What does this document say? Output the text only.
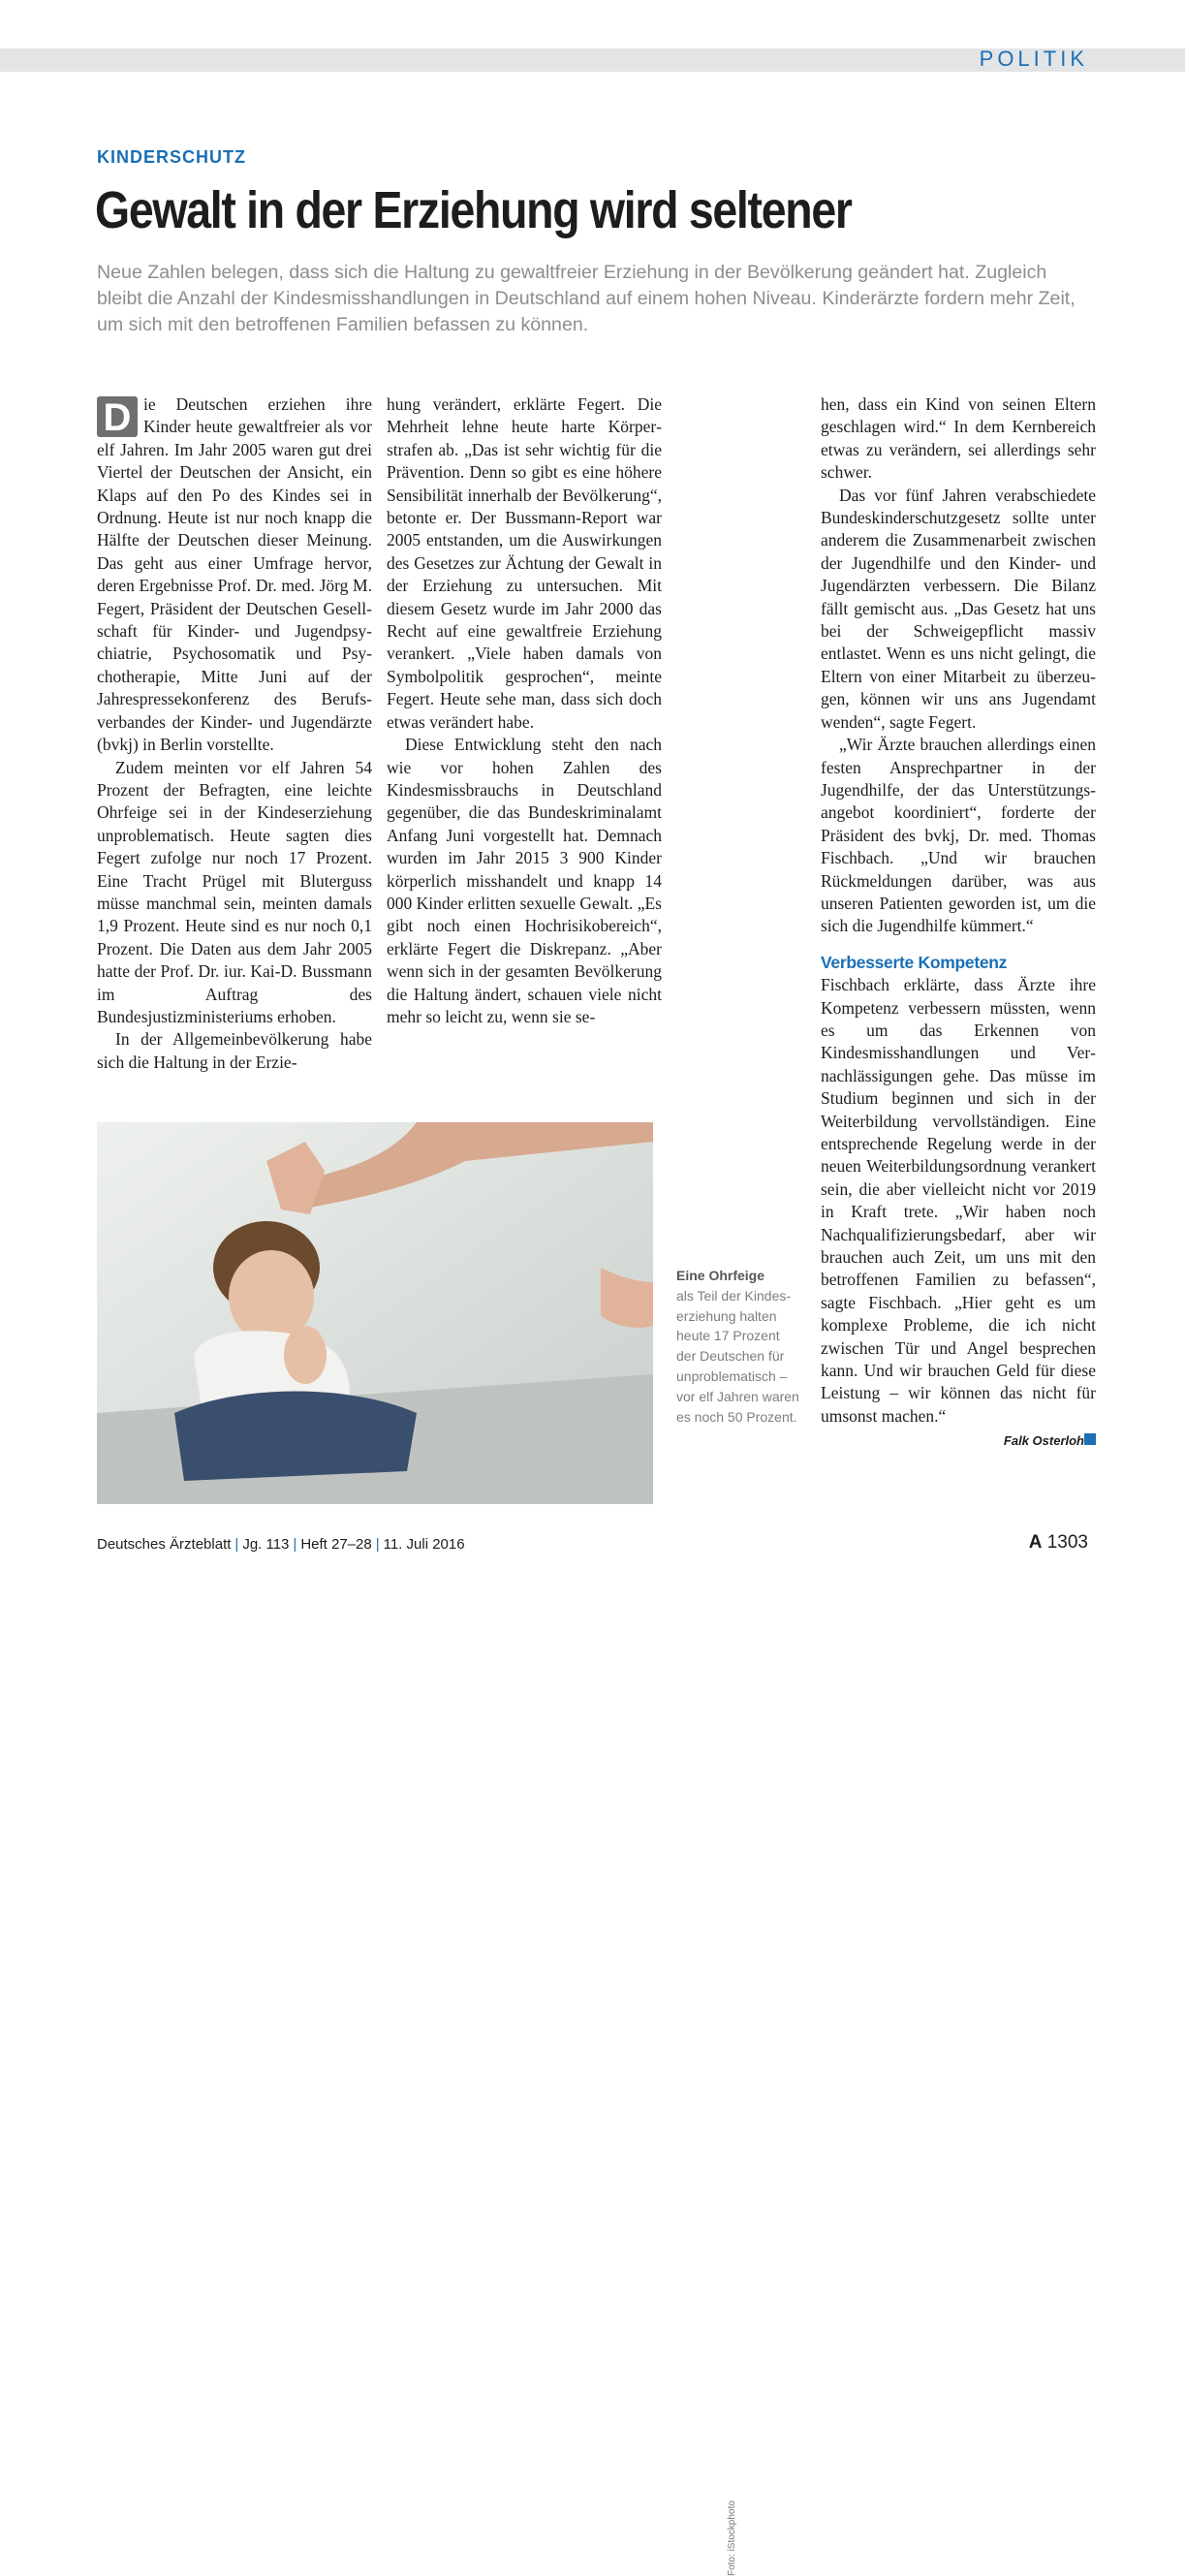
POLITIK
KINDERSCHUTZ
Gewalt in der Erziehung wird seltener

Neue Zahlen belegen, dass sich die Haltung zu gewaltfreier Erziehung in der Bevölkerung geändert hat. Zugleich bleibt die Anzahl der Kindesmisshandlungen in Deutschland auf einem hohen Niveau. Kinderärzte fordern mehr Zeit, um sich mit den betroffenen Familien befassen zu können.

D ie Deutschen erziehen ihre Kinder heute gewaltfreier als vor elf Jahren. Im Jahr 2005 waren gut drei Viertel der Deutschen der Ansicht, ein Klaps auf den Po des Kindes sei in Ordnung. Heute ist nur noch knapp die Hälfte der Deutschen dieser Meinung. Das geht aus einer Umfrage hervor, deren Ergebnisse Prof. Dr. med. Jörg M. Fegert, Präsident der Deutschen Gesellschaft für Kinder- und Jugendpsychiatrie, Psychosomatik und Psychotherapie, Mitte Juni auf der Jahrespressekonferenz des Berufsverbandes der Kinder- und Jugendärzte (bvkj) in Berlin vorstellte.

Zudem meinten vor elf Jahren 54 Prozent der Befragten, eine leichte Ohrfeige sei in der Kindeserziehung unproblematisch. Heute sagten dies Fegert zufolge nur noch 17 Prozent. Eine Tracht Prügel mit Bluterguss müsse manchmal sein, meinten damals 1,9 Prozent. Heute sind es nur noch 0,1 Prozent. Die Daten aus dem Jahr 2005 hatte der Prof. Dr. iur. Kai-D. Bussmann im Auftrag des Bundesjustizministeriums erhoben.

In der Allgemeinbevölkerung habe sich die Haltung in der Erzie-

hung verändert, erklärte Fegert. Die Mehrheit lehne heute harte Körperstrafen ab. „Das ist sehr wichtig für die Prävention. Denn so gibt es eine höhere Sensibilität innerhalb der Bevölkerung“, betonte er. Der Bussmann-Report war 2005 entstanden, um die Auswirkungen des Gesetzes zur Ächtung der Gewalt in der Erziehung zu untersuchen. Mit diesem Gesetz wurde im Jahr 2000 das Recht auf eine gewaltfreie Erziehung verankert. „Viele haben damals von Symbolpolitik gesprochen“, meinte Fegert. Heute sehe man, dass sich doch etwas verändert habe.

Diese Entwicklung steht den nach wie vor hohen Zahlen des Kindesmissbrauchs in Deutschland gegenüber, die das Bundeskriminalamt Anfang Juni vorgestellt hat. Demnach wurden im Jahr 2015 3 900 Kinder körperlich misshandelt und knapp 14 000 Kinder erlitten sexuelle Gewalt. „Es gibt noch einen Hochrisikobereich“, erklärte Fegert die Diskrepanz. „Aber wenn sich in der gesamten Bevölkerung die Haltung ändert, schauen viele nicht mehr so leicht zu, wenn sie se-

hen, dass ein Kind von seinen Eltern geschlagen wird.“ In dem Kernbereich etwas zu verändern, sei allerdings sehr schwer.

Das vor fünf Jahren verabschiedete Bundeskinderschutzgesetz sollte unter anderem die Zusammenarbeit zwischen der Jugendhilfe und den Kinder- und Jugendärzten verbessern. Die Bilanz fällt gemischt aus. „Das Gesetz hat uns bei der Schweigepflicht massiv entlastet. Wenn es uns nicht gelingt, die Eltern von einer Mitarbeit zu überzeugen, können wir uns ans Jugendamt wenden“, sagte Fegert.

„Wir Ärzte brauchen allerdings einen festen Ansprechpartner in der Jugendhilfe, der das Unterstützungsangebot koordiniert“, forderte der Präsident des bvkj, Dr. med. Thomas Fischbach. „Und wir brauchen Rückmeldungen darüber, was aus unseren Patienten geworden ist, um die sich die Jugendhilfe kümmert.“

Verbesserte Kompetenz

Fischbach erklärte, dass Ärzte ihre Kompetenz verbessern müssten, wenn es um das Erkennen von Kindesmisshandlungen und Vernachlässigungen gehe. Das müsse im Studium beginnen und sich in der Weiterbildung vervollständigen. Eine entsprechende Regelung werde in der neuen Weiterbildungsordnung verankert sein, die aber vielleicht nicht vor 2019 in Kraft trete. „Wir haben noch Nachqualifizierungsbedarf, aber wir brauchen auch Zeit, um uns mit den betroffenen Familien zu befassen“, sagte Fischbach. „Hier geht es um komplexe Probleme, die ich nicht zwischen Tür und Angel besprechen kann. Und wir brauchen Geld für diese Leistung – wir können das nicht für umsonst machen.“

Falk Osterloh
Foto: iStockphoto
Eine Ohrfeige
als Teil der Kindeserziehung halten heute 17 Prozent der Deutschen für unproblematisch – vor elf Jahren waren es noch 50 Prozent.
Deutsches Ärzteblatt | Jg. 113 | Heft 27–28 | 11. Juli 2016	A 1303
